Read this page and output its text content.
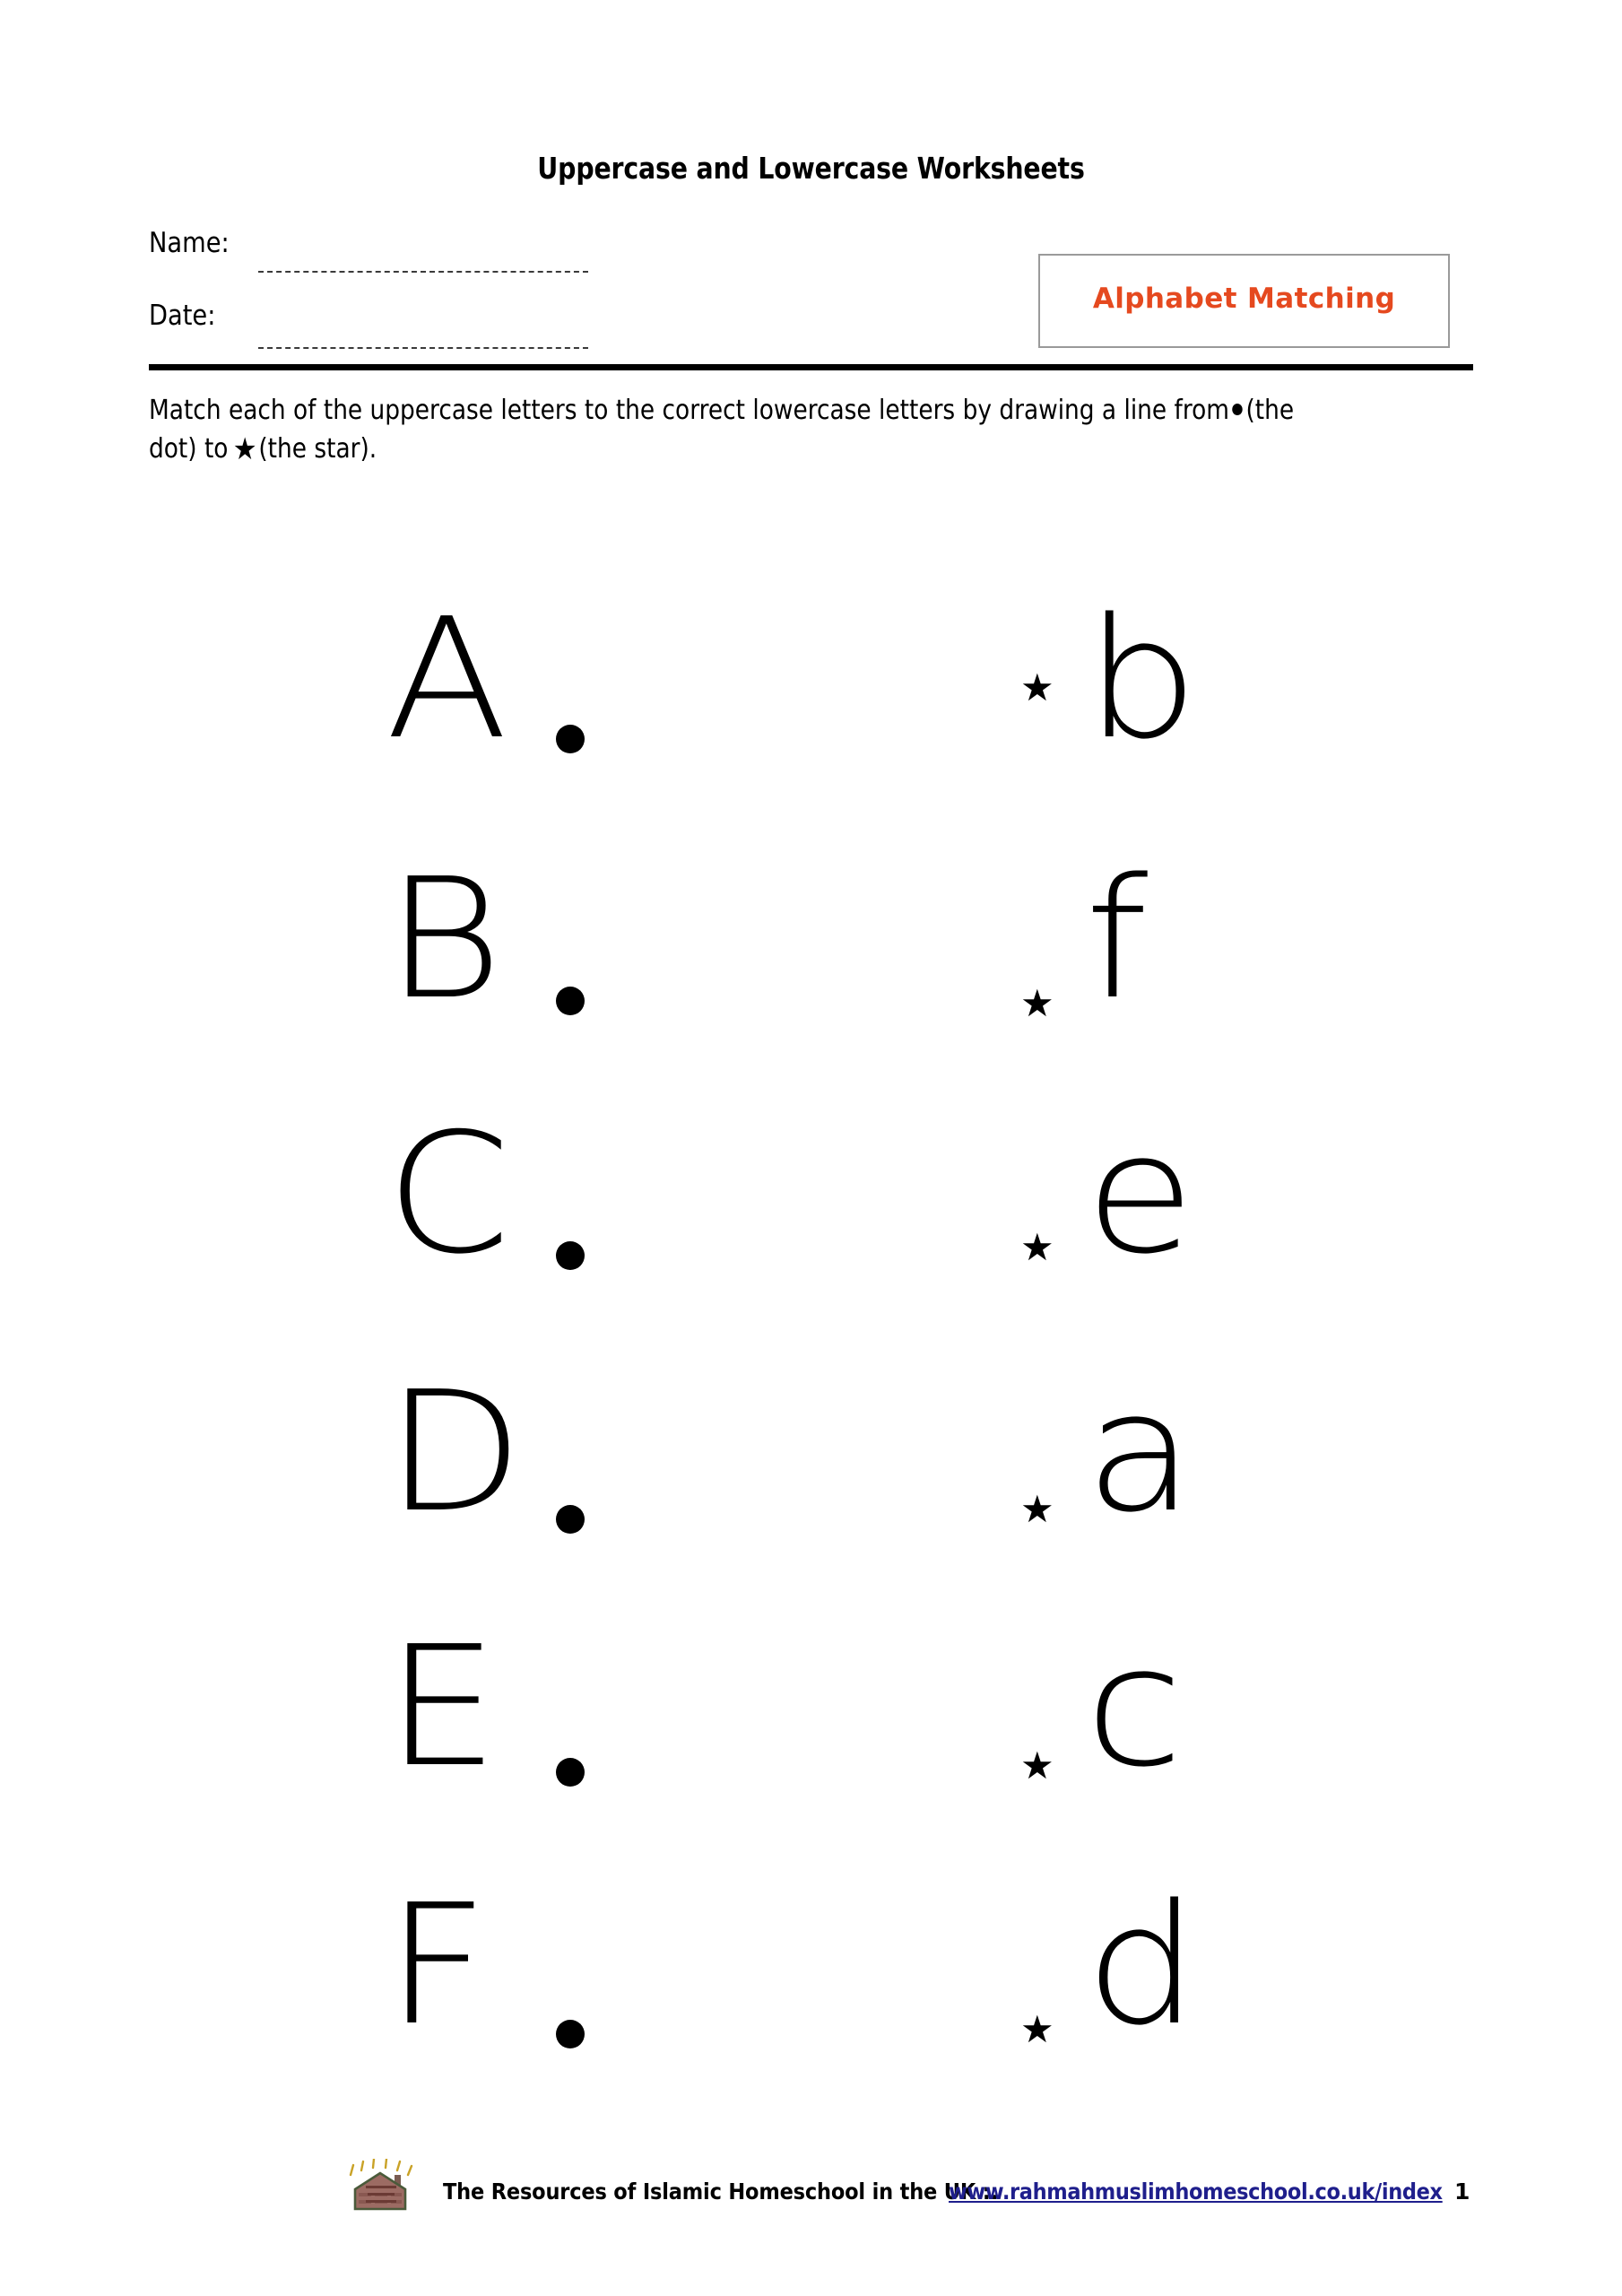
Uppercase and Lowercase Worksheets
Name:
Date:
Alphabet Matching
Match each of the uppercase letters to the correct lowercase letters by drawing a line from (the dot) to ★(the star).
A	★ b
B	★ f
C	★ e
D	★ a
E	★ c
F	★ d
The Resources of Islamic Homeschool in the UK ::
www.rahmahmuslimhomeschool.co.uk/index 1
